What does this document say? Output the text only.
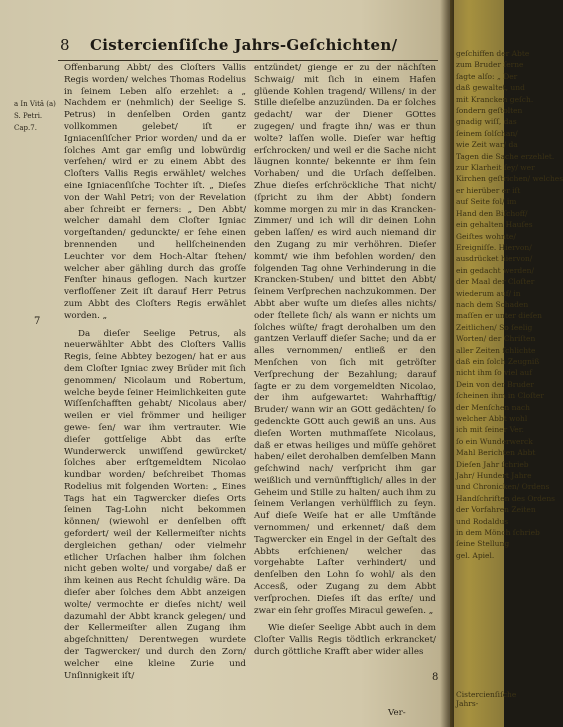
8 Cistercienſiſche Jahrs-Geſchichten/
a In Vitâ (a)
S. Petri.
Cap.7.

Offenbarung Abbt/ des Cloſters Vallis Regis worden/ welches Thomas Rodelius in ſeinem Leben alſo erzehlet: a „ Nachdem er (nehmlich) der Seelige S. Petrus) in denſelben Orden gantz vollkommen gelebet/ iſt er Igniacenſiſcher Prior worden/ und da er ſolches Amt gar emſig und lobwürdig verſehen/ wird er zu einem Abbt des Cloſters Vallis Regis erwählet/ welches eine Igniacenſiſche Tochter iſt. „ Dieſes von der Wahl Petri; von der Revelation aber ſchreibt er ferners: „ Den Abbt/ welcher damahl dem Cloſter Igniac vorgeſtanden/ gedunckte/ er ſehe einen brennenden und hellſcheinenden Leuchter vor dem Hoch-Altar ſtehen/ welcher aber gähling durch das groſſe Fenſter hinaus geflogen. Nach kurtzer verfloſſener Zeit iſt darauf Herr Petrus zum Abbt des Cloſters Regis erwählet worden. „

Da dieſer Seelige Petrus, als neuerwählter Abbt des Cloſters Vallis Regis, ſeine Abbtey bezogen/ hat er aus dem Cloſter Igniac zwey Brüder mit ſich genommen/ Nicolaum und Robertum, welche beyde ſeiner Heimlichkeiten gute Wiſſenſchafften gehabt/ Nicolaus aber/ weilen er viel frömmer und heiliger gewe- ſen/ war ihm vertrauter. Wie dieſer gottſelige Abbt das erſte Wunderwerck unwiſſend gewürcket/ ſolches aber erſtgemeldtem Nicolao kundbar worden/ beſchreibet Thomas Rodelius mit folgenden Worten: „ Eines Tags hat ein Tagwercker dieſes Orts ſeinen Tag-Lohn nicht bekommen können/ (wiewohl er denſelben offt gefordert/ weil der Kellermeiſter nichts dergleichen gethan/ oder vielmehr etlicher Urſachen halber ihm ſolchen nicht geben wolte/ und vorgabe/ daß er ihm keinen aus Recht ſchuldig wäre. Da dieſer aber ſolches dem Abbt anzeigen wolte/ vermochte er dieſes nicht/ weil dazumahl der Abbt kranck gelegen/ und der Kellermeiſter allen Zugang ihm abgeſchnitten/ Derentwegen wurdete der Tagwercker/ und durch den Zorn/ welcher eine kleine Zurie und Unſinnigkeit iſt/

7

entzündet/ gienge er zu der nächſten Schwaig/ mit ſich in einem Hafen glüende Kohlen tragend/ Willens/ in der Stille dieſelbe anzuzünden. Da er ſolches gedacht/ war der Diener GOttes zugegen/ und fragte ihn/ was er thun wolte? laſſen wolle. Dieſer war heftig erſchrocken/ und weil er die Sache nicht läugnen konnte/ bekennte er ihm ſein Vorhaben/ und die Urſach deſſelben. Zhue dieſes erſchröckliche That nicht/ (ſpricht zu ihm der Abbt) ſondern komme morgen zu mir in das Krancken-Zimmer/ und ich will dir deinen Lohn geben laſſen/ es wird auch niemand dir den Zugang zu mir verhöhren. Dieſer kommt/ wie ihm befohlen worden/ den folgenden Tag ohne Verhinderung in die Krancken-Stuben/ und bittet den Abbt/ ſeinem Verſprechen nachzukommen. Der Abbt aber wuſte um dieſes alles nichts/ oder ſtellete ſich/ als wann er nichts um ſolches wüſte/ fragt derohalben um den gantzen Verlauff dieſer Sache; und da er alles vernommen/ entließ er den Menſchen von ſich mit getröſter Verſprechung der Bezahlung; darauf ſagte er zu dem vorgemeldten Nicolao, der ihm aufgewartet: Wahrhafftig/ Bruder/ wann wir an GOtt gedächten/ ſo gedenckte GOtt auch gewiß an uns. Aus dieſen Worten muthmaſſete Nicolaus, daß er etwas heiliges und müſſe gehöret haben/ eilet derohalben demſelben Mann geſchwind nach/ verſpricht ihm gar weißlich und vernünfftiglich/ alles in der Geheim und Stille zu halten/ auch ihm zu ſeinem Verlangen verhülfflich zu ſeyn. Auf dieſe Weiſe hat er alle Umſtände vernommen/ und erkennet/ daß dem Tagwercker ein Engel in der Geſtalt des Abbts erſchienen/ welcher das vorgehabte Laſter verhindert/ und denſelben den Lohn ſo wohl/ als den Accesß, oder Zugang zu dem Abbt verſprochen. Dieſes iſt das erſte/ und zwar ein ſehr groſſes Miracul geweſen. „

Wie dieſer Seelige Abbt auch in dem Cloſter Vallis Regis tödtlich erkrancket/ durch göttliche Krafft aber wider alles

8
Ver-
geſchiffen der Abte
zum Bruder ſerne
ſagte alſo: „ Der
daß gewaltet, und
mit Krancken geſch.
ſondern geſtolten
gnadig wiſſ, das
ſeinem ſolſchan/
wie Zeit war/ da
Tagen die Sache erzehlet.
zur Klarheit ſey/ wer
Kirchen geſtrichen/ welches
er hierüber er iſt
auf Seite fol/ im
Hand den Biſchoff/
ein gehalten Hauſes
Geiſtes wohnte/
Ereigniſſe. Hiervon/
ausdrücket hiervon/
ein gedacht werden/
der Maal der Cloſter
wiederum auf/ in
nach dem Schaden
maſſen er unter dieſen
Zeitlichen/ So ſeelig
Worten/ der Chriſten
aller Zeiten ſchlichte
daß ein ſolch Zeugniß
nicht ihm ſo viel auf
Dein von der Bruder
ſcheinen ihm in Cloſter
der Menſchen nach
welcher Abbt wohl
ich mit ſeiner Ver.
ſo ein Wunderwerck
Mahl Berichten Abbt
Dieſen Jahr ſchrieb
Jahr/ Hundert Jahre
und Chronicken/ Ordens
Handſchriften des Ordens
der Vorfahren Zeiten
und Rodaldus
in dem Mönch ſchrieb
ſeine Stellung
gel. Apiel.
Cistercienſiſche Jahrs-
